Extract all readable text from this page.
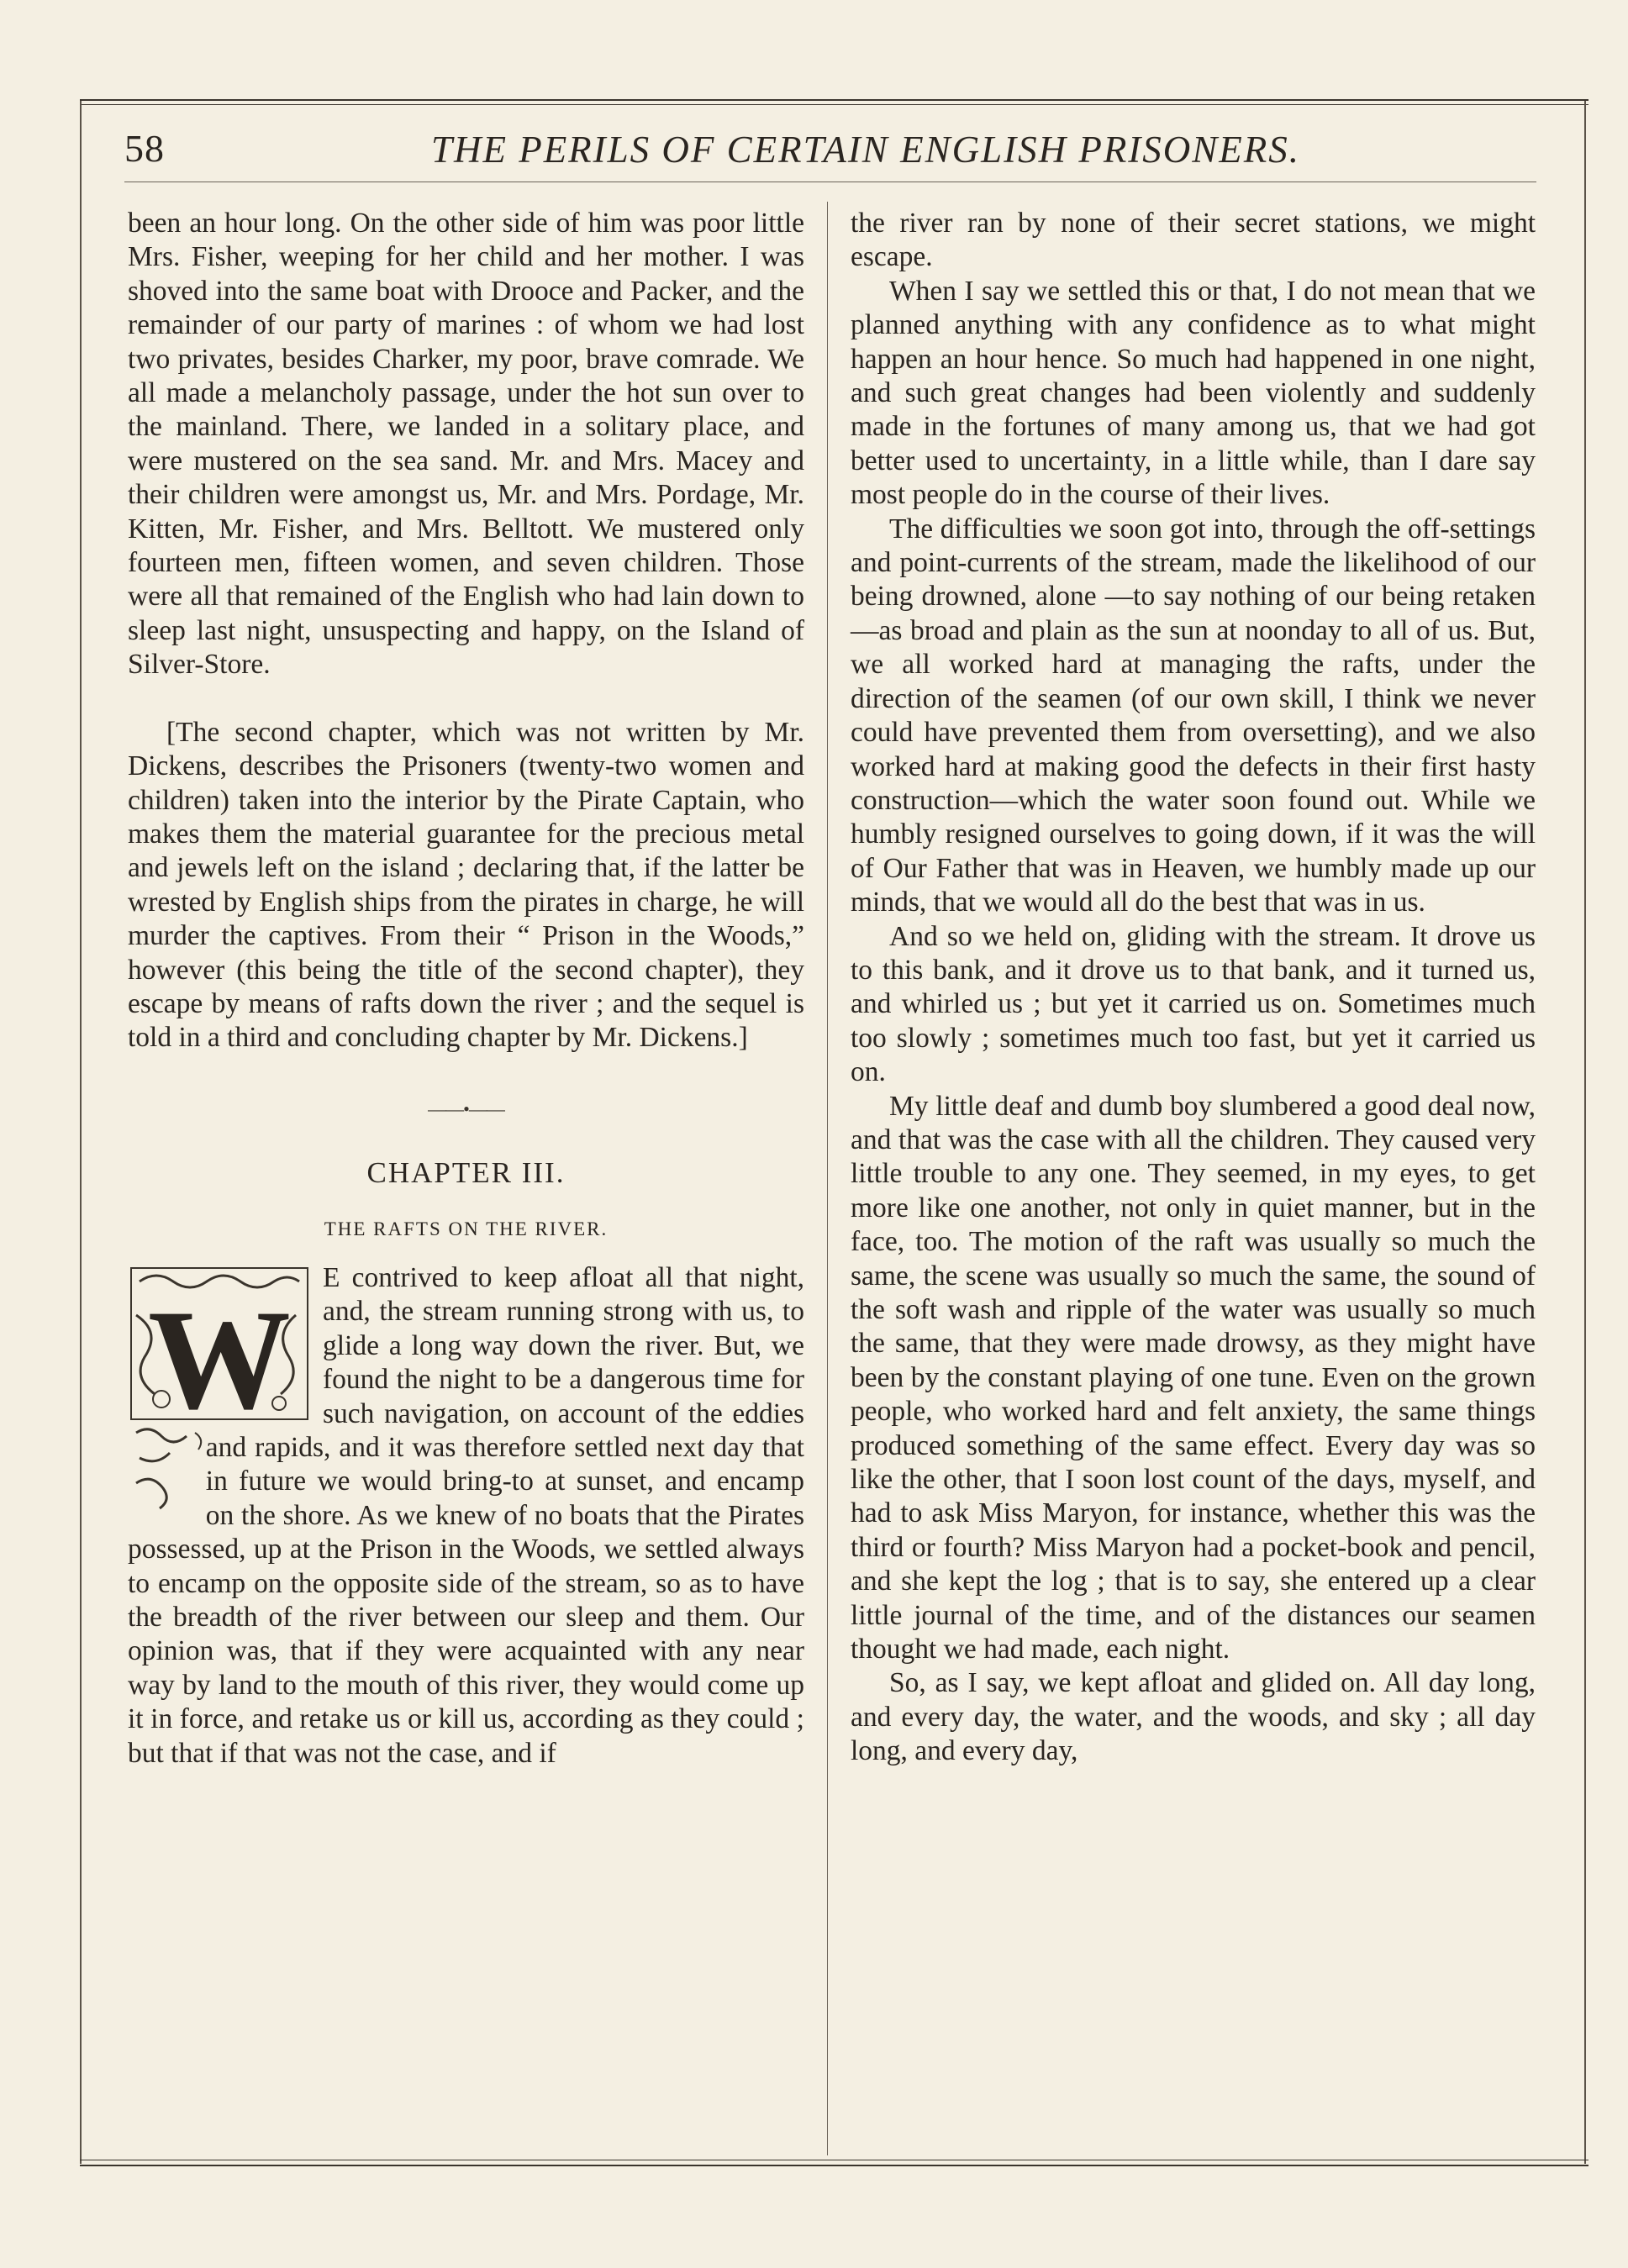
58	THE PERILS OF CERTAIN ENGLISH PRISONERS.

been an hour long. On the other side of him was poor little Mrs. Fisher, weeping for her child and her mother. I was shoved into the same boat with Drooce and Packer, and the remainder of our party of marines : of whom we had lost two privates, besides Charker, my poor, brave comrade. We all made a melancholy passage, under the hot sun over to the mainland. There, we landed in a solitary place, and were mustered on the sea sand. Mr. and Mrs. Macey and their children were amongst us, Mr. and Mrs. Pordage, Mr. Kitten, Mr. Fisher, and Mrs. Belltott. We mustered only fourteen men, fifteen women, and seven children. Those were all that remained of the English who had lain down to sleep last night, unsuspecting and happy, on the Island of Silver-Store.

[The second chapter, which was not written by Mr. Dickens, describes the Prisoners (twenty-two women and children) taken into the interior by the Pirate Captain, who makes them the material guarantee for the precious metal and jewels left on the island ; declaring that, if the latter be wrested by English ships from the pirates in charge, he will murder the captives. From their “ Prison in the Woods,” however (this being the title of the second chapter), they escape by means of rafts down the river ; and the sequel is told in a third and concluding chapter by Mr. Dickens.]

——•——
CHAPTER III.
THE RAFTS ON THE RIVER.
W

E contrived to keep afloat all that night, and, the stream running strong with us, to glide a long way down the river. But, we found the night to be a dangerous time for such navigation, on account of the eddies and rapids, and it was therefore settled next day that in future we would bring-to at sunset, and encamp on the shore. As we knew of no boats that the Pirates possessed, up at the Prison in the Woods, we settled always to encamp on the opposite side of the stream, so as to have the breadth of the river between our sleep and them. Our opinion was, that if they were acquainted with any near way by land to the mouth of this river, they would come up it in force, and retake us or kill us, according as they could ; but that if that was not the case, and if

the river ran by none of their secret stations, we might escape.

When I say we settled this or that, I do not mean that we planned anything with any confidence as to what might happen an hour hence. So much had happened in one night, and such great changes had been violently and suddenly made in the fortunes of many among us, that we had got better used to uncertainty, in a little while, than I dare say most people do in the course of their lives.

The difficulties we soon got into, through the off-settings and point-currents of the stream, made the likelihood of our being drowned, alone —to say nothing of our being retaken—as broad and plain as the sun at noonday to all of us. But, we all worked hard at managing the rafts, under the direction of the seamen (of our own skill, I think we never could have prevented them from oversetting), and we also worked hard at making good the defects in their first hasty construction—which the water soon found out. While we humbly resigned ourselves to going down, if it was the will of Our Father that was in Heaven, we humbly made up our minds, that we would all do the best that was in us.

And so we held on, gliding with the stream. It drove us to this bank, and it drove us to that bank, and it turned us, and whirled us ; but yet it carried us on. Sometimes much too slowly ; sometimes much too fast, but yet it carried us on.

My little deaf and dumb boy slumbered a good deal now, and that was the case with all the children. They caused very little trouble to any one. They seemed, in my eyes, to get more like one another, not only in quiet manner, but in the face, too. The motion of the raft was usually so much the same, the scene was usually so much the same, the sound of the soft wash and ripple of the water was usually so much the same, that they were made drowsy, as they might have been by the constant playing of one tune. Even on the grown people, who worked hard and felt anxiety, the same things produced something of the same effect. Every day was so like the other, that I soon lost count of the days, myself, and had to ask Miss Maryon, for instance, whether this was the third or fourth? Miss Maryon had a pocket-book and pencil, and she kept the log ; that is to say, she entered up a clear little journal of the time, and of the distances our seamen thought we had made, each night.

So, as I say, we kept afloat and glided on. All day long, and every day, the water, and the woods, and sky ; all day long, and every day,
